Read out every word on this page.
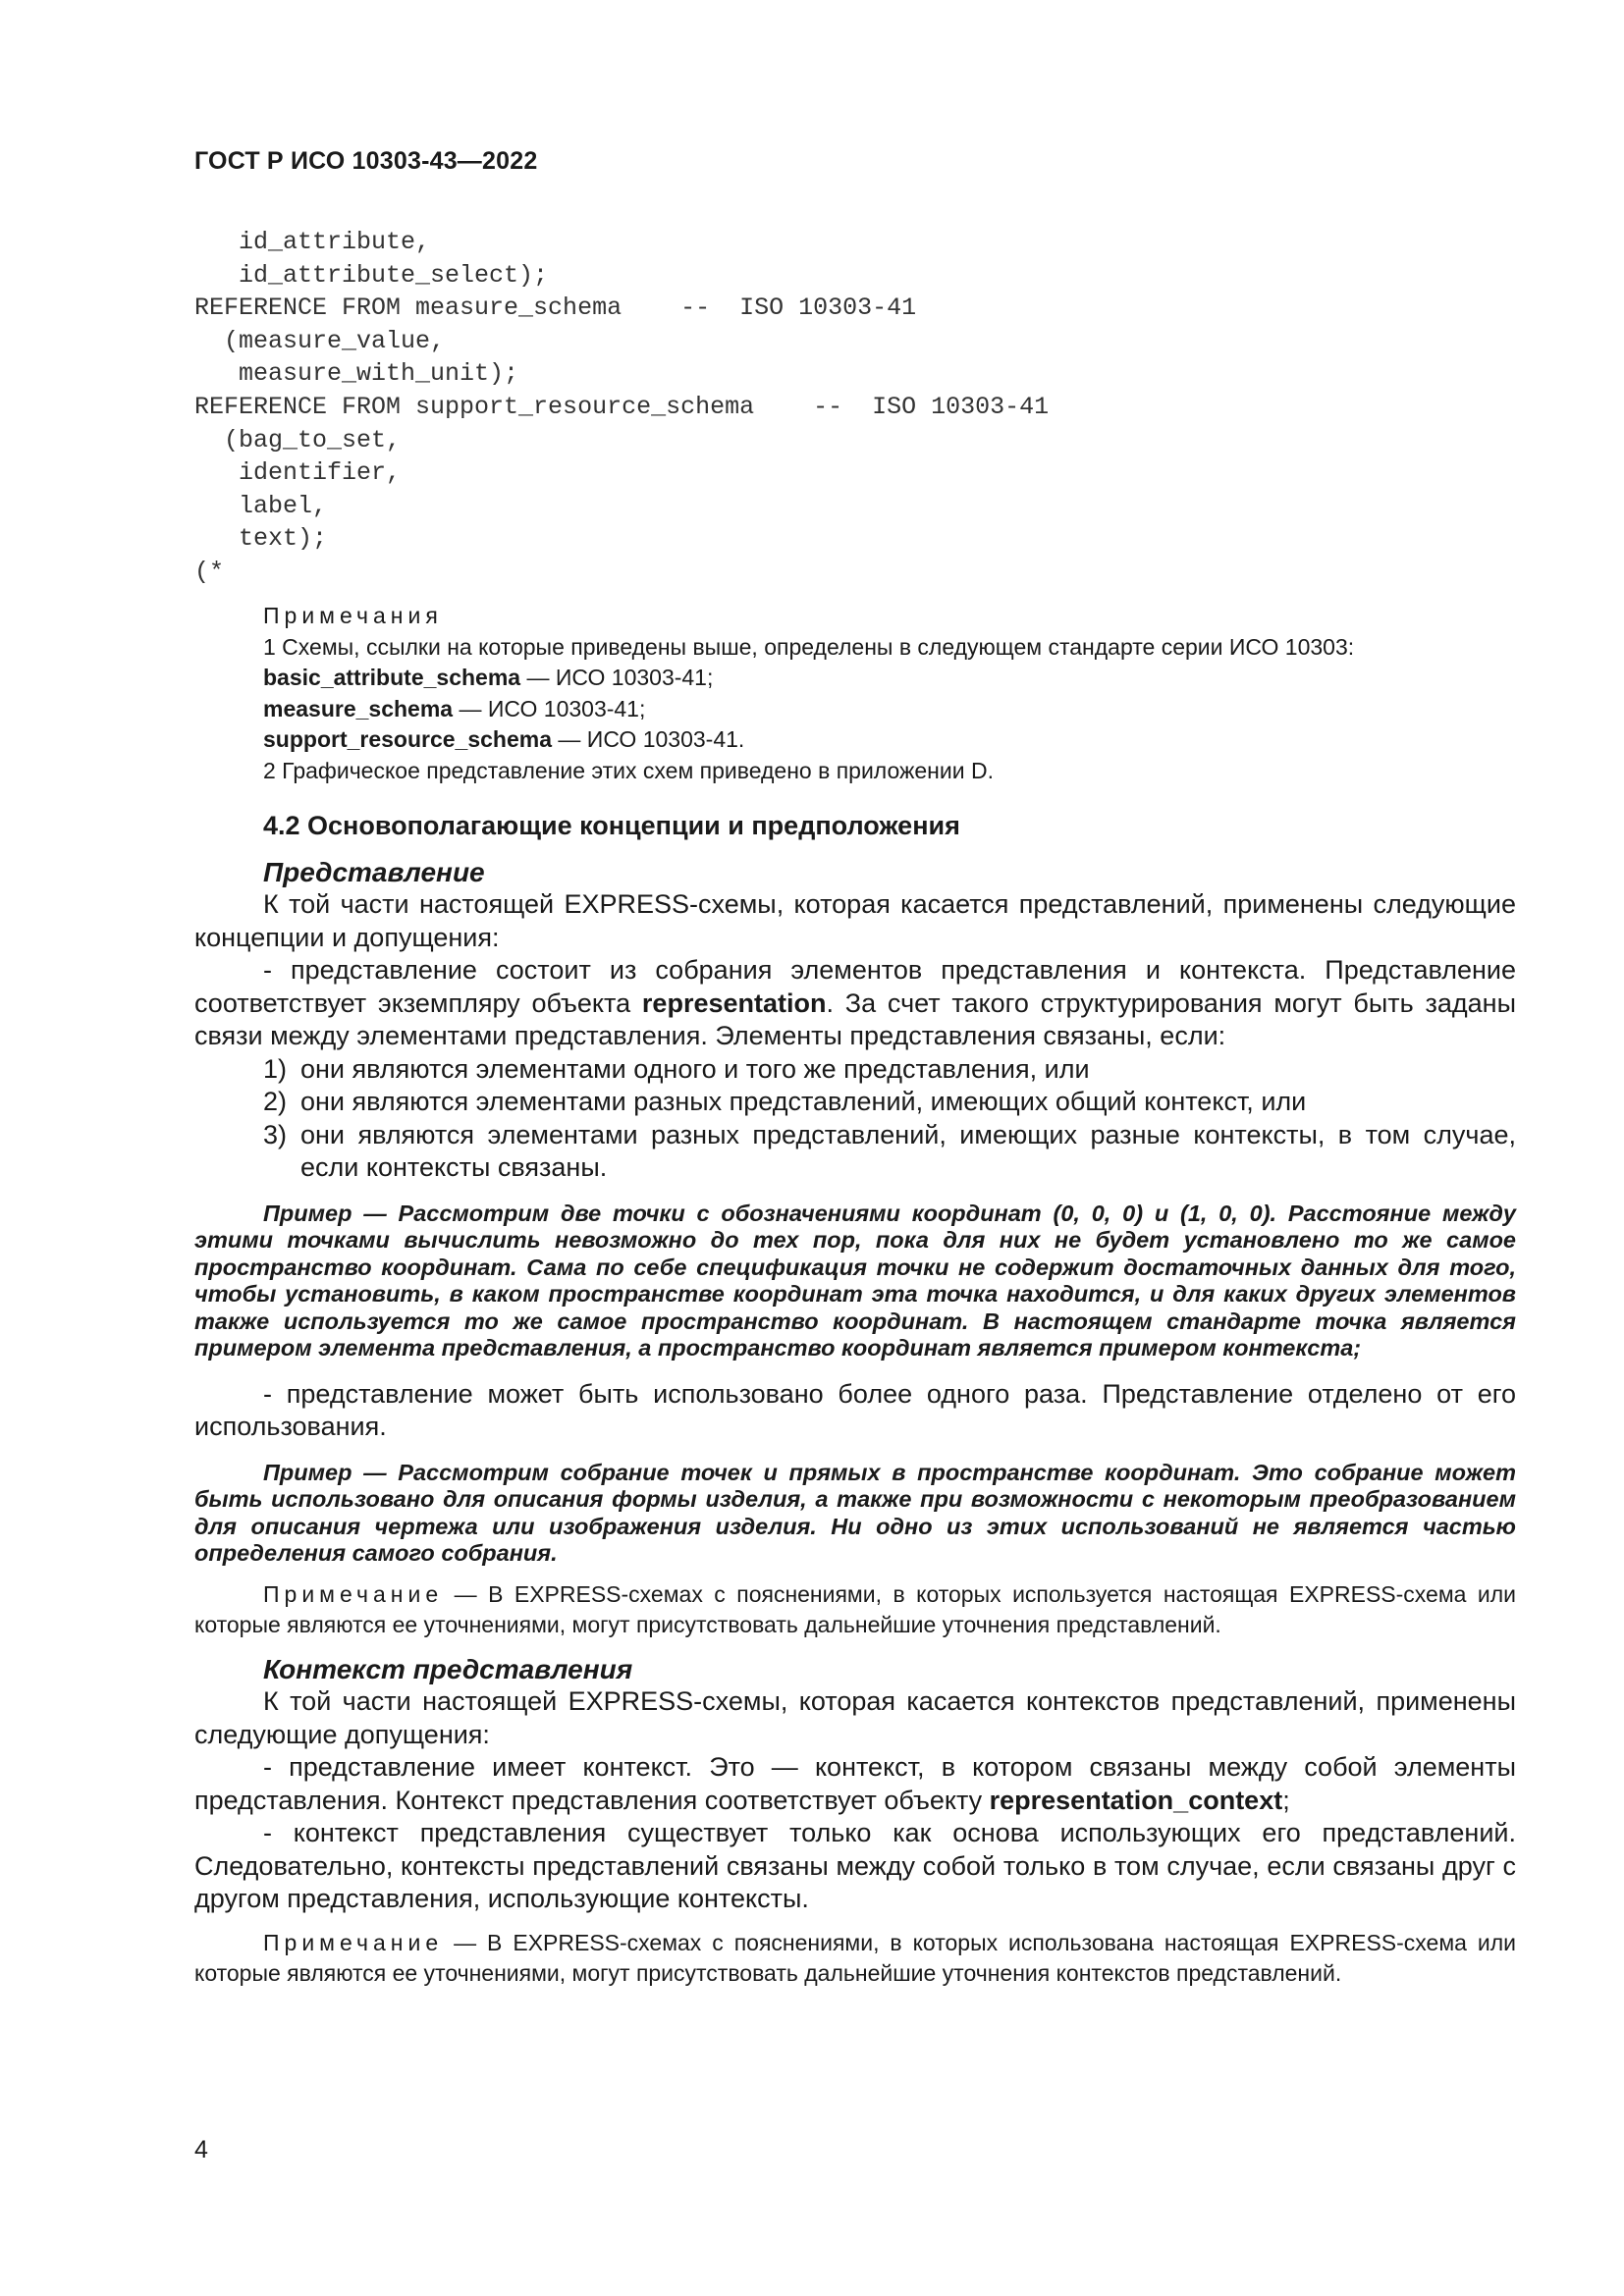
ГОСТ Р ИСО 10303-43—2022
id_attribute,
id_attribute_select);
REFERENCE FROM measure_schema    --  ISO 10303-41
(measure_value,
measure_with_unit);
REFERENCE FROM support_resource_schema    --  ISO 10303-41
(bag_to_set,
identifier,
label,
text);
(*
Примечания
1 Схемы, ссылки на которые приведены выше, определены в следующем стандарте серии ИСО 10303:
basic_attribute_schema — ИСО 10303-41;
measure_schema — ИСО 10303-41;
support_resource_schema — ИСО 10303-41.
2 Графическое представление этих схем приведено в приложении D.

4.2 Основополагающие концепции и предположения

Представление

К той части настоящей EXPRESS-схемы, которая касается представлений, применены следующие концепции и допущения:

- представление состоит из собрания элементов представления и контекста. Представление соответствует экземпляру объекта representation. За счет такого структурирования могут быть заданы связи между элементами представления. Элементы представления связаны, если:

1) они являются элементами одного и того же представления, или
2) они являются элементами разных представлений, имеющих общий контекст, или
3) они являются элементами разных представлений, имеющих разные контексты, в том случае, если контексты связаны.

Пример — Рассмотрим две точки с обозначениями координат (0, 0, 0) и (1, 0, 0). Расстояние между этими точками вычислить невозможно до тех пор, пока для них не будет установлено то же самое пространство координат. Сама по себе спецификация точки не содержит достаточных данных для того, чтобы установить, в каком пространстве координат эта точка находится, и для каких других элементов также используется то же самое пространство координат. В настоящем стандарте точка является примером элемента представления, а пространство координат является примером контекста;

- представление может быть использовано более одного раза. Представление отделено от его использования.

Пример — Рассмотрим собрание точек и прямых в пространстве координат. Это собрание может быть использовано для описания формы изделия, а также при возможности с некоторым преобразованием для описания чертежа или изображения изделия. Ни одно из этих использований не является частью определения самого собрания.

Примечание — В EXPRESS-схемах с пояснениями, в которых используется настоящая EXPRESS-схема или которые являются ее уточнениями, могут присутствовать дальнейшие уточнения представлений.

Контекст представления

К той части настоящей EXPRESS-схемы, которая касается контекстов представлений, применены следующие допущения:

- представление имеет контекст. Это — контекст, в котором связаны между собой элементы представления. Контекст представления соответствует объекту representation_context;

- контекст представления существует только как основа использующих его представлений. Следовательно, контексты представлений связаны между собой только в том случае, если связаны друг с другом представления, использующие контексты.

Примечание — В EXPRESS-схемах с пояснениями, в которых использована настоящая EXPRESS-схема или которые являются ее уточнениями, могут присутствовать дальнейшие уточнения контекстов представлений.

4
